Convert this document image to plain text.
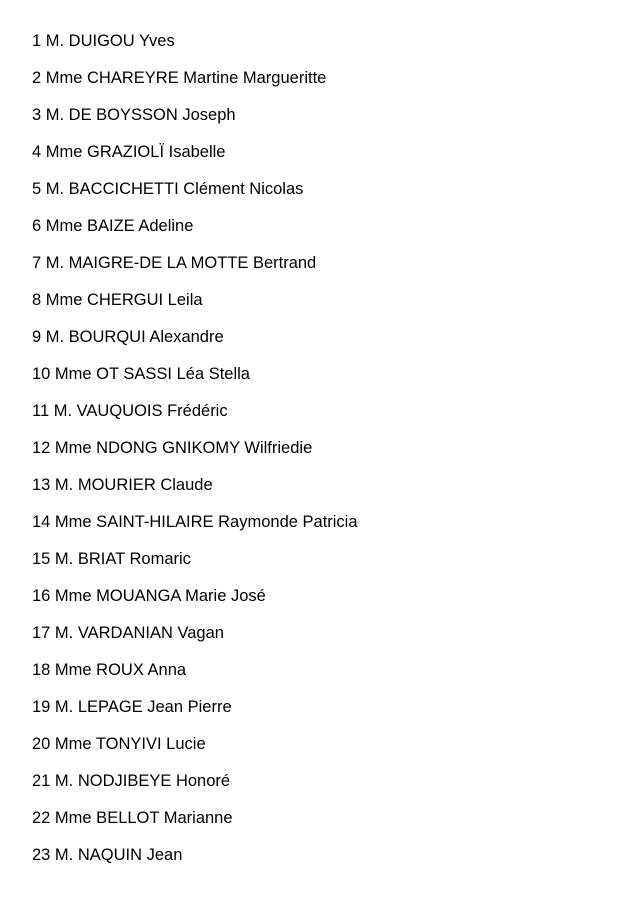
1 M. DUIGOU Yves
2 Mme CHAREYRE Martine Margueritte
3 M. DE BOYSSON Joseph
4 Mme GRAZIOLÏ Isabelle
5 M. BACCICHETTI Clément Nicolas
6 Mme BAIZE Adeline
7 M. MAIGRE-DE LA MOTTE Bertrand
8 Mme CHERGUI Leila
9 M. BOURQUI Alexandre
10 Mme OT SASSI Léa Stella
11 M. VAUQUOIS Frédéric
12 Mme NDONG GNIKOMY Wilfriedie
13 M. MOURIER Claude
14 Mme SAINT-HILAIRE Raymonde Patricia
15 M. BRIAT Romaric
16 Mme MOUANGA Marie José
17 M. VARDANIAN Vagan
18 Mme ROUX Anna
19 M. LEPAGE Jean Pierre
20 Mme TONYIVI Lucie
21 M. NODJIBEYE Honoré
22 Mme BELLOT Marianne
23 M. NAQUIN Jean
